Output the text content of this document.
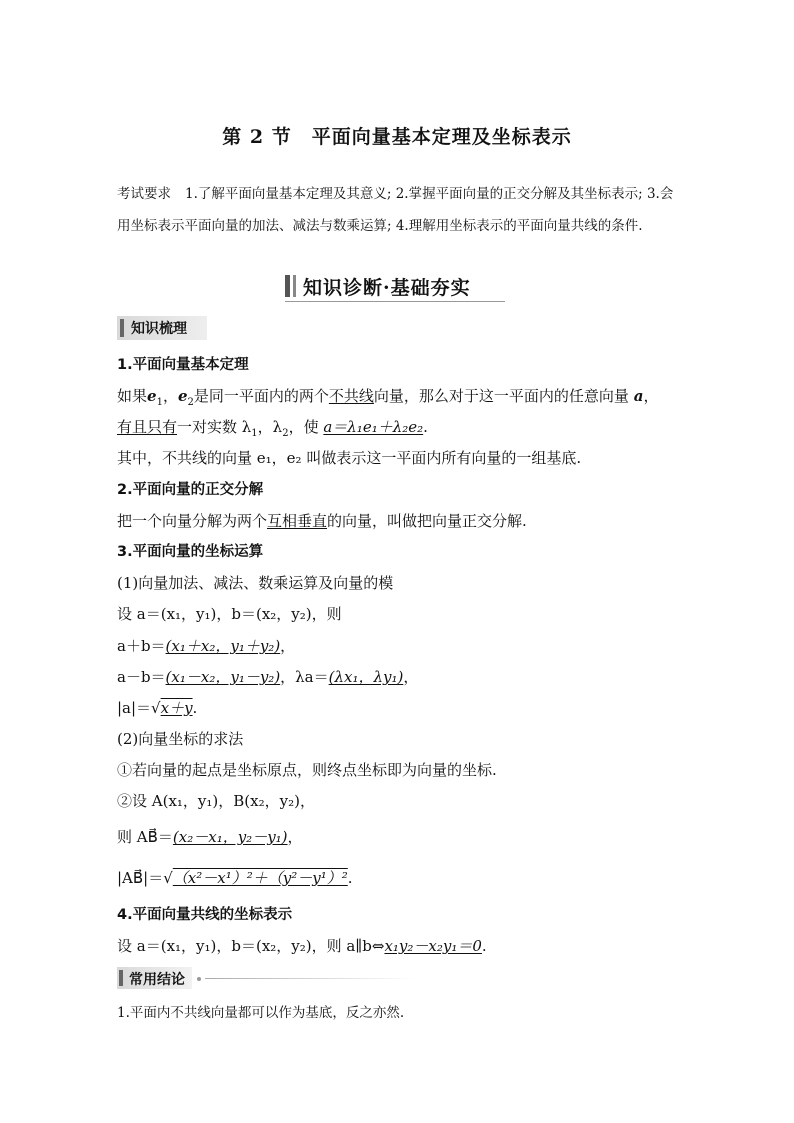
第 2 节　平面向量基本定理及坐标表示
考试要求 1.了解平面向量基本定理及其意义; 2.掌握平面向量的正交分解及其坐标表示; 3.会用坐标表示平面向量的加法、减法与数乘运算; 4.理解用坐标表示的平面向量共线的条件.
知识诊断·基础夯实
知识梳理
1.平面向量基本定理
如果$e_1$，$e_2$是同一平面内的两个不共线向量，那么对于这一平面内的任意向量 a，
有且只有一对实数 $\lambda_1$，$\lambda_2$，使 a＝λ₁e₁＋λ₂e₂.
其中，不共线的向量 e₁，e₂ 叫做表示这一平面内所有向量的一组基底.
2.平面向量的正交分解
把一个向量分解为两个互相垂直的向量，叫做把向量正交分解.
3.平面向量的坐标运算
(1)向量加法、减法、数乘运算及向量的模
设 a＝(x₁，y₁)，b＝(x₂，y₂)，则
a＋b＝(x₁＋x₂，y₁＋y₂)，
a－b＝(x₁－x₂，y₁－y₂)，λa＝(λx₁，λy₁)，
|a|＝√x＋y.
(2)向量坐标的求法
①若向量的起点是坐标原点，则终点坐标即为向量的坐标.
②设 A(x₁，y₁)，B(x₂，y₂)，
则 AB⃗＝(x₂－x₁，y₂－y₁)，
|AB⃗|＝√（x²－x¹）²＋（y²－y¹）².
4.平面向量共线的坐标表示
设 a＝(x₁，y₁)，b＝(x₂，y₂)，则 a∥b⇔x₁y₂－x₂y₁＝0.
常用结论
1.平面内不共线向量都可以作为基底，反之亦然.
